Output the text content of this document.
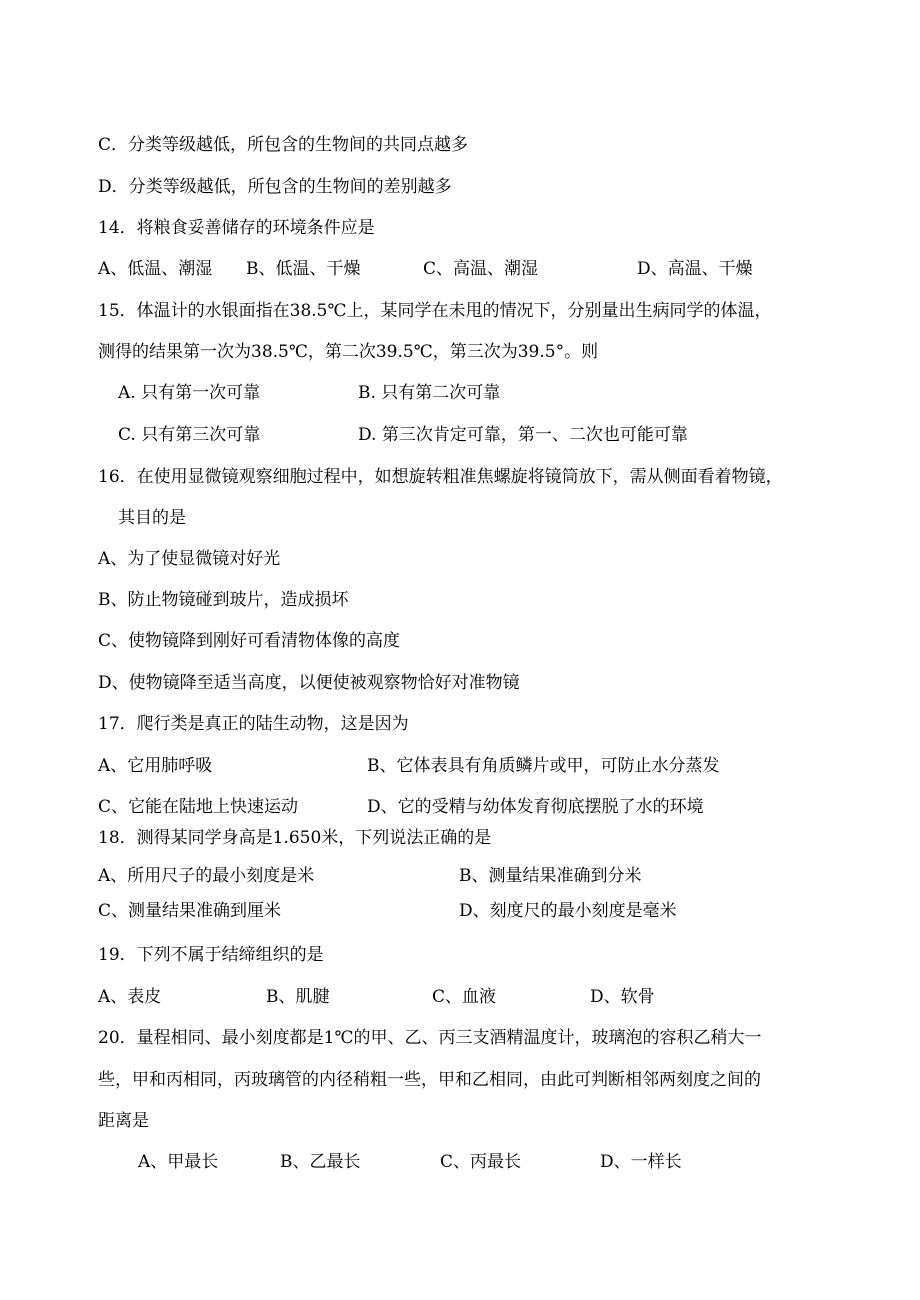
C．分类等级越低，所包含的生物间的共同点越多
D．分类等级越低，所包含的生物间的差别越多
14．将粮食妥善储存的环境条件应是
A、低温、潮湿 B、低温、干燥	C、高温、潮湿	D、高温、干燥
15．体温计的水银面指在38.5℃上，某同学在未甩的情况下，分别量出生病同学的体温，
测得的结果第一次为38.5℃，第二次39.5℃，第三次为39.5°。则
A. 只有第一次可靠	B. 只有第二次可靠
C. 只有第三次可靠	D. 第三次肯定可靠，第一、二次也可能可靠
16．在使用显微镜观察细胞过程中，如想旋转粗准焦螺旋将镜筒放下，需从侧面看着物镜，
其目的是
A、为了使显微镜对好光
B、防止物镜碰到玻片，造成损坏
C、使物镜降到刚好可看清物体像的高度
D、使物镜降至适当高度，以便使被观察物恰好对准物镜
17．爬行类是真正的陆生动物，这是因为
A、它用肺呼吸	B、它体表具有角质鳞片或甲，可防止水分蒸发
C、它能在陆地上快速运动	D、它的受精与幼体发育彻底摆脱了水的环境
18．测得某同学身高是1.650米，下列说法正确的是
A、所用尺子的最小刻度是米	B、测量结果准确到分米
C、测量结果准确到厘米	D、刻度尺的最小刻度是毫米
19．下列不属于结缔组织的是
A、表皮	B、肌腱	C、血液	D、软骨
20．量程相同、最小刻度都是1℃的甲、乙、丙三支酒精温度计，玻璃泡的容积乙稍大一
些，甲和丙相同，丙玻璃管的内径稍粗一些，甲和乙相同，由此可判断相邻两刻度之间的
距离是
A、甲最长	B、乙最长	C、丙最长	D、一样长
